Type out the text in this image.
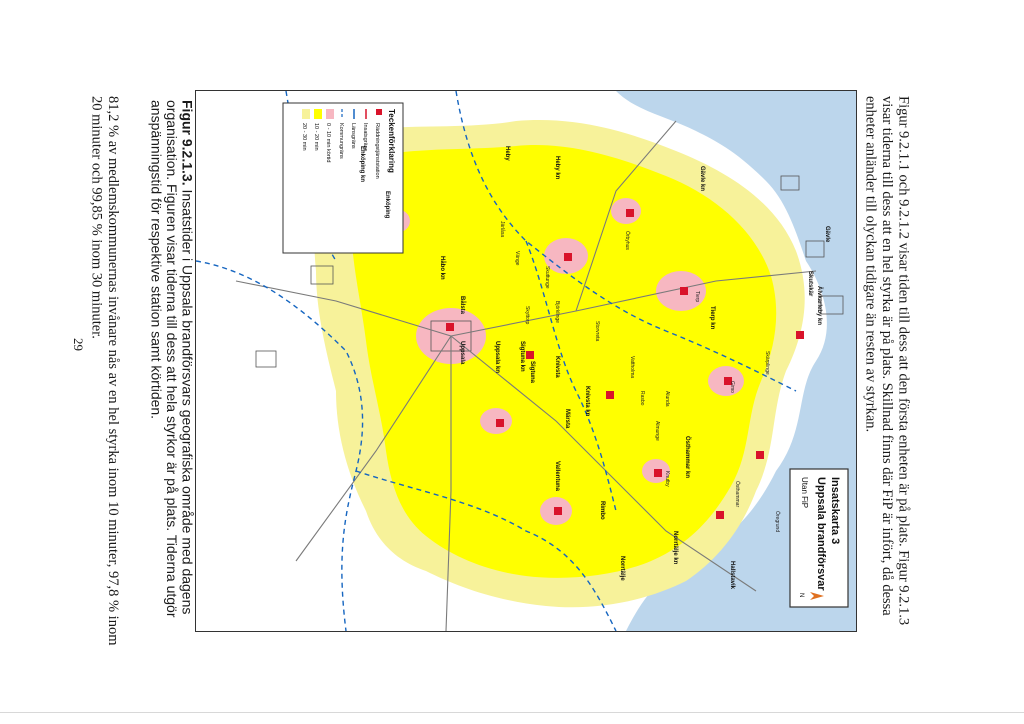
Figur 9.2.1.1 och 9.2.1.2 visar tiden till dess att den första enheten är på plats. Figur 9.2.1.3 visar tiderna till dess att en hel styrka är på plats. Skillnad finns där FiP är infört, då dessa enheter anländer till olyckan tidigare än resten av styrkan.
Insatskarta 3
Uppsala brandförsvar
Utan FiP
Teckenförklaring
Räddningstjänststation
Insatsgräns
Länsgräns
Kommungräns
0 - 10 min körtid
10 - 20 min
20 - 30 min
Gävle kn
Älvkarleby kn
Skutskär
Tierp kn
Östhammar kn
Norrtälje kn
Hallstavik
Rimbo
Norrtälje
Heby kn
Uppsala	Uppsala kn
Enköping kn
Enköping
Håbo kn
Bålsta
Sigtuna kn
Sigtuna
Knivsta kn
Knivsta
Vallentuna
Märsta
Heby
Gävle
Tierp
Östhammar
Öregrund
Skärplinge
Örbyhus
Storvreta
Björklinge
Alunda
Skyttorp
Gimo
Vattholma
Rasbo
Almunge
Knutby
Järlåsa
Vänge
Skuttunge
N
Figur 9.2.1.3. Insatstider i Uppsala brandförsvars geografiska område med dagens organisation. Figuren visar tiderna till dess att hela styrkor är på plats. Tiderna utgör anspänningstid för respektive station samt körtiden.
81,2 % av medlemskommunernas invånare nås av en hel styrka inom 10 minuter, 97,8 % inom 20 minuter och 99,85 % inom 30 minuter.
29
